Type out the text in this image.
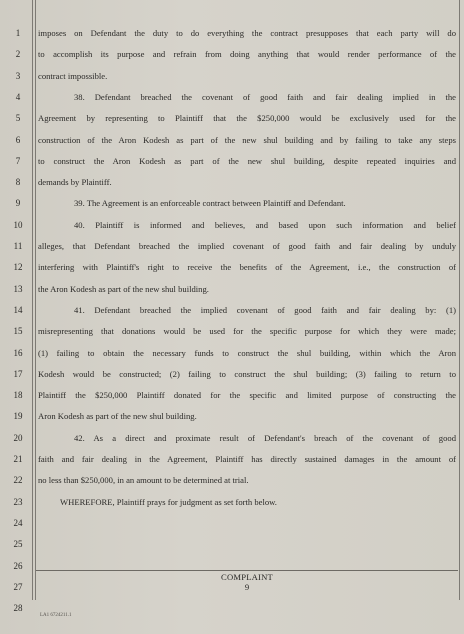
1
2
3
4
5
6
7
8
9
10
11
12
13
14
15
16
17
18
19
20
21
22
23
24
25
26
27
28
imposes on Defendant the duty to do everything the contract presupposes that each party will do
to accomplish its purpose and refrain from doing anything that would render performance of the
contract impossible.
38. Defendant breached the covenant of good faith and fair dealing implied in the
Agreement by representing to Plaintiff that the $250,000 would be exclusively used for the
construction of the Aron Kodesh as part of the new shul building and by failing to take any steps
to construct the Aron Kodesh as part of the new shul building, despite repeated inquiries and
demands by Plaintiff.
39. The Agreement is an enforceable contract between Plaintiff and Defendant.
40. Plaintiff is informed and believes, and based upon such information and belief
alleges, that Defendant breached the implied covenant of good faith and fair dealing by unduly
interfering with Plaintiff's right to receive the benefits of the Agreement, i.e., the construction of
the Aron Kodesh as part of the new shul building.
41. Defendant breached the implied covenant of good faith and fair dealing by: (1)
misrepresenting that donations would be used for the specific purpose for which they were made;
(1) failing to obtain the necessary funds to construct the shul building, within which the Aron
Kodesh would be constructed; (2) failing to construct the shul building; (3) failing to return to
Plaintiff the $250,000 Plaintiff donated for the specific and limited purpose of constructing the
Aron Kodesh as part of the new shul building.
42. As a direct and proximate result of Defendant's breach of the covenant of good
faith and fair dealing in the Agreement, Plaintiff has directly sustained damages in the amount of
no less than $250,000, in an amount to be determined at trial.
WHEREFORE, Plaintiff prays for judgment as set forth below.
COMPLAINT
9
LA1 6724211.1
